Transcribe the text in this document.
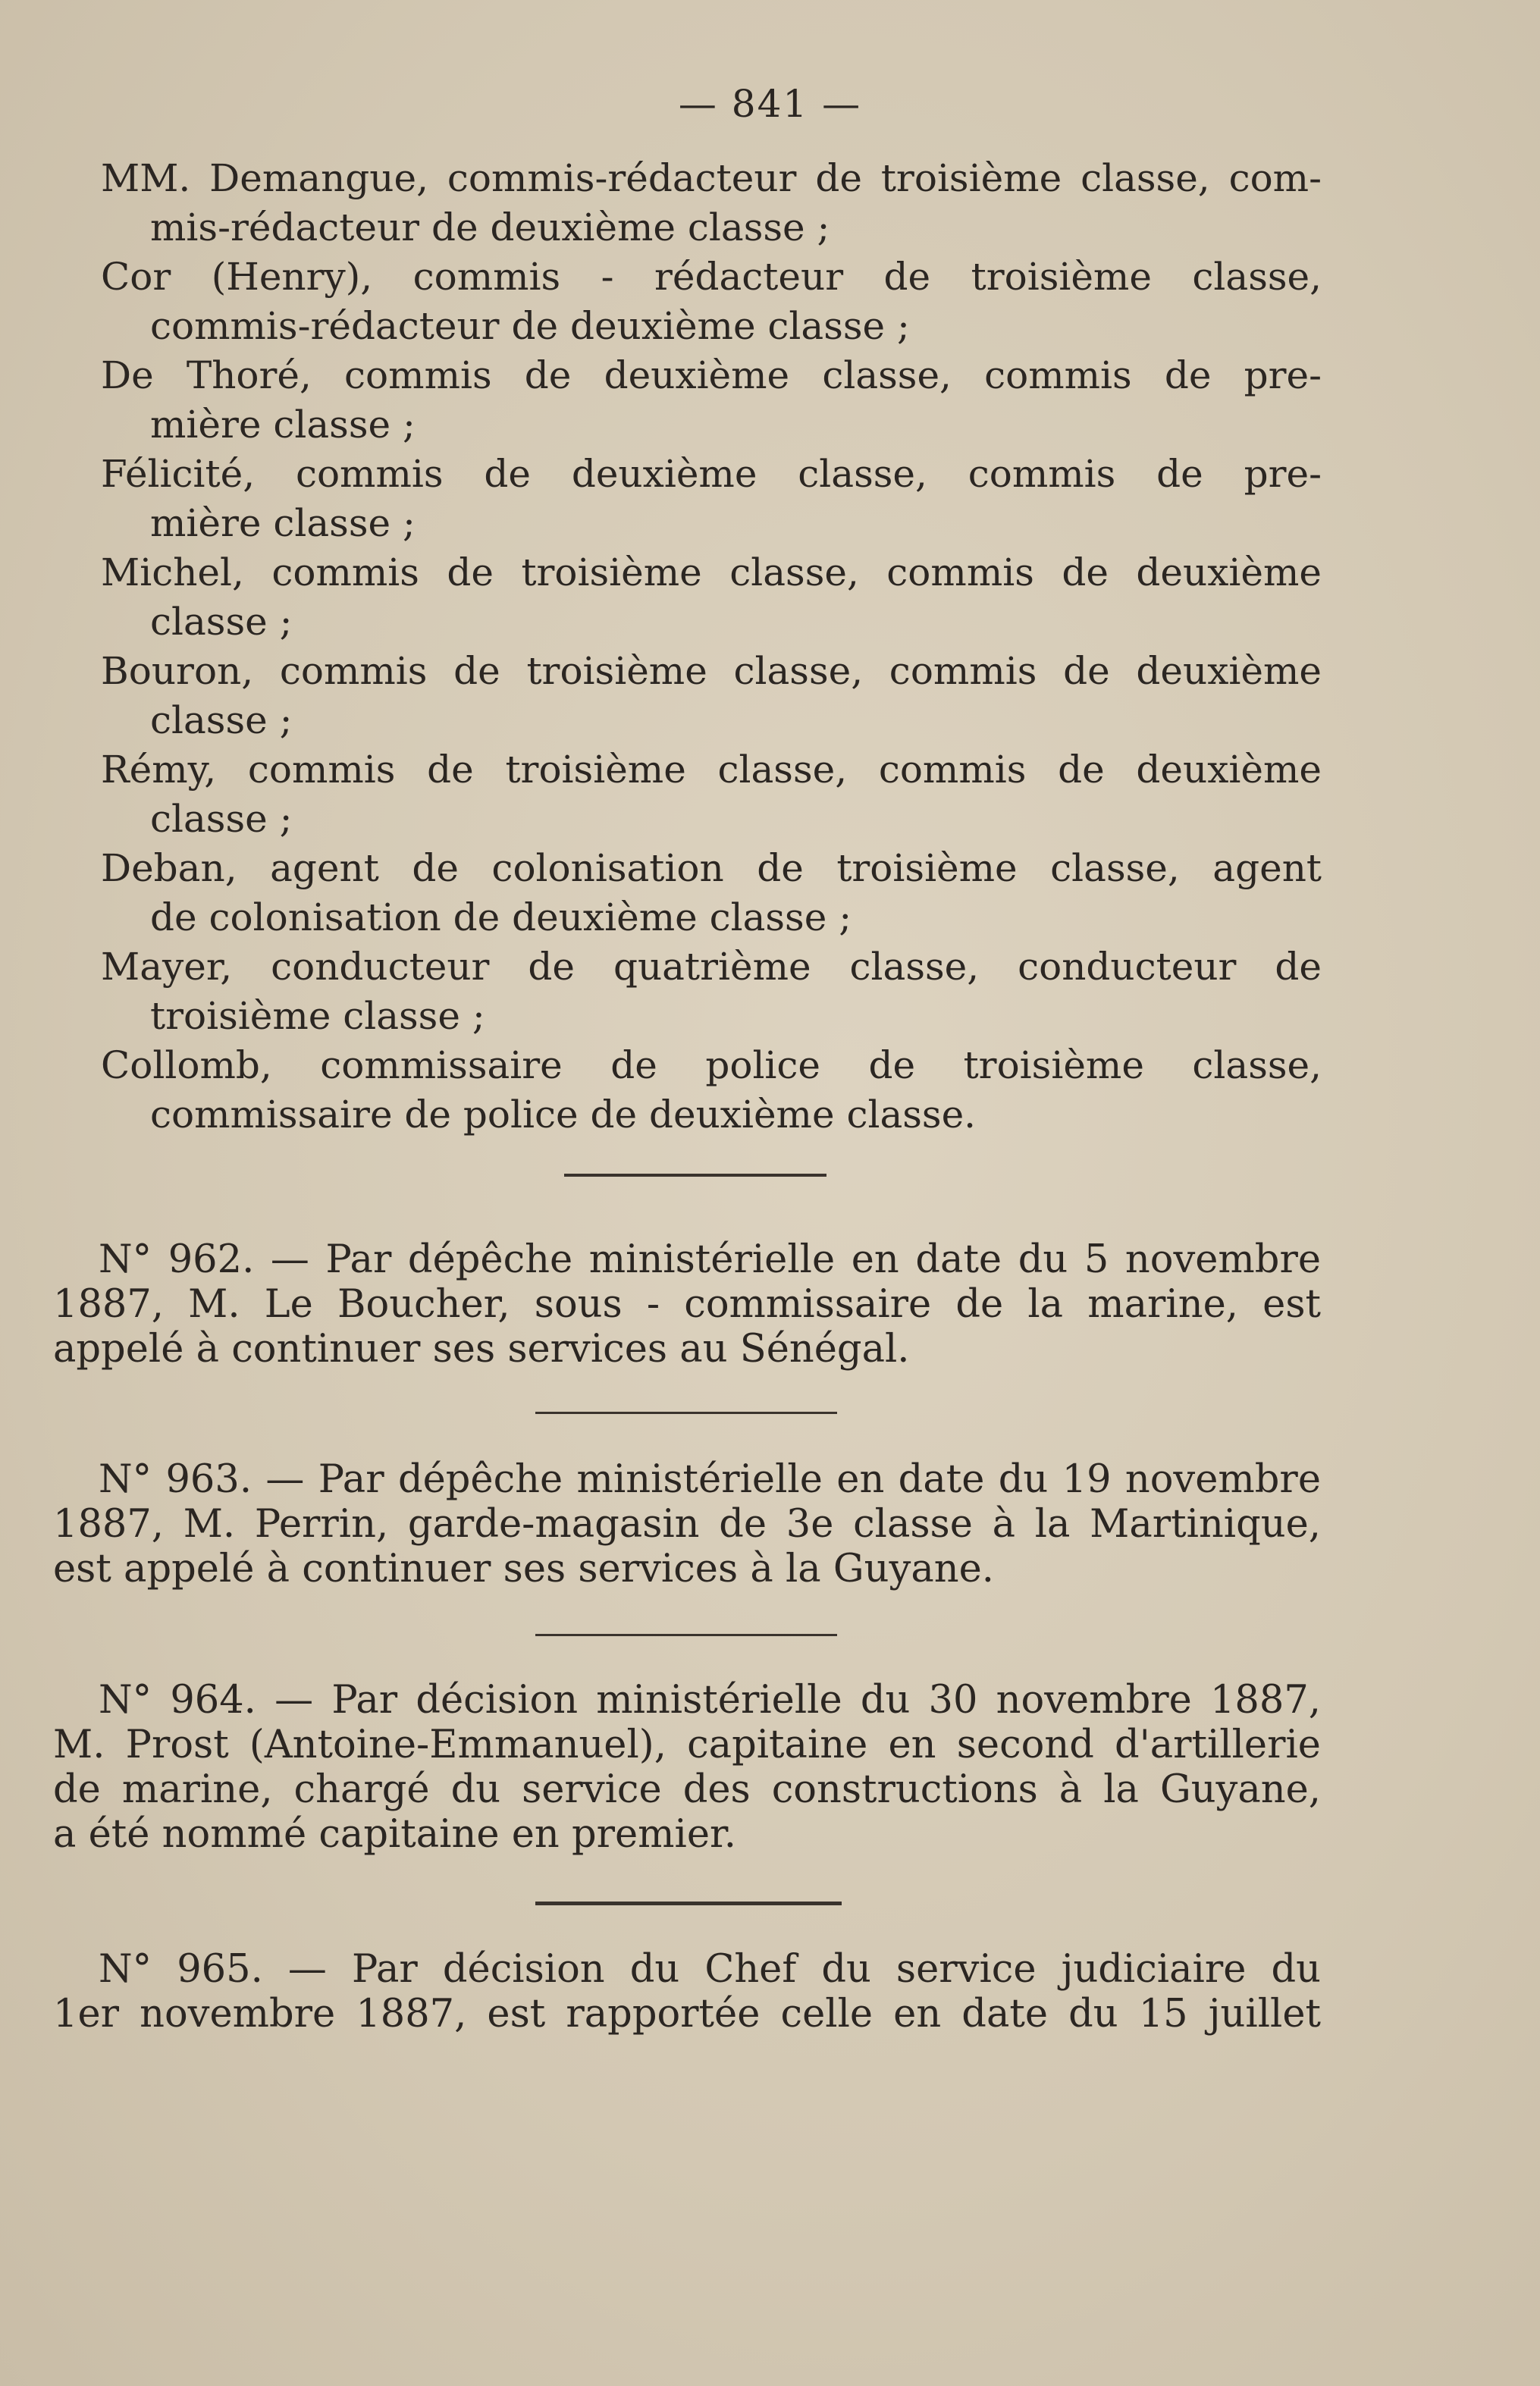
— 841 —
MM. Demangue, commis-rédacteur de troisième classe, com-
mis-rédacteur de deuxième classe ;
Cor (Henry), commis - rédacteur de troisième classe,
commis-rédacteur de deuxième classe ;
De Thoré, commis de deuxième classe, commis de pre-
mière classe ;
Félicité, commis de deuxième classe, commis de pre-
mière classe ;
Michel, commis de troisième classe, commis de deuxième
classe ;
Bouron, commis de troisième classe, commis de deuxième
classe ;
Rémy, commis de troisième classe, commis de deuxième
classe ;
Deban, agent de colonisation de troisième classe, agent
de colonisation de deuxième classe ;
Mayer, conducteur de quatrième classe, conducteur de
troisième classe ;
Collomb, commissaire de police de troisième classe,
commissaire de police de deuxième classe.
N° 962. — Par dépêche ministérielle en date du 5 novembre
1887, M. Le Boucher, sous - commissaire de la marine, est
appelé à continuer ses services au Sénégal.
N° 963. — Par dépêche ministérielle en date du 19 novembre
1887, M. Perrin, garde-magasin de 3e classe à la Martinique,
est appelé à continuer ses services à la Guyane.
N° 964. — Par décision ministérielle du 30 novembre 1887,
M. Prost (Antoine-Emmanuel), capitaine en second d'artillerie
de marine, chargé du service des constructions à la Guyane,
a été nommé capitaine en premier.
N° 965. — Par décision du Chef du service judiciaire du
1er novembre 1887, est rapportée celle en date du 15 juillet
